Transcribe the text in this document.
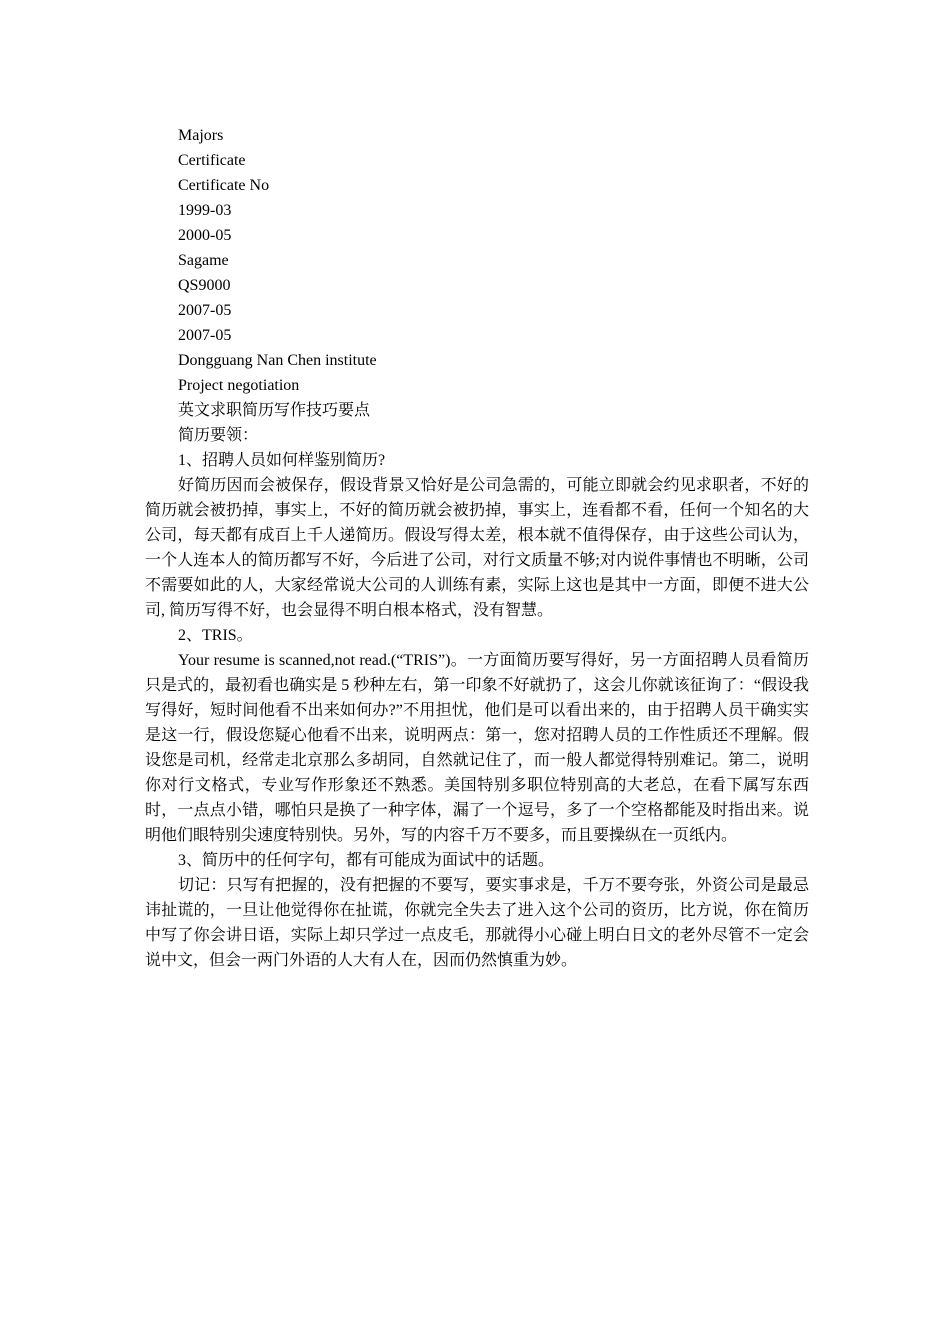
Majors

Certificate

Certificate No

1999-03

2000-05

Sagame

QS9000

2007-05

2007-05

Dongguang Nan Chen institute

Project negotiation

英文求职简历写作技巧要点

简历要领：

1、招聘人员如何样鉴别简历?

好简历因而会被保存，假设背景又恰好是公司急需的，可能立即就会约见求职者，不好的简历就会被扔掉，事实上，不好的简历就会被扔掉，事实上，连看都不看，任何一个知名的大公司，每天都有成百上千人递简历。假设写得太差，根本就不值得保存，由于这些公司认为，一个人连本人的简历都写不好，今后进了公司，对行文质量不够;对内说件事情也不明晰，公司不需要如此的人，大家经常说大公司的人训练有素，实际上这也是其中一方面，即便不进大公司, 简历写得不好，也会显得不明白根本格式，没有智慧。

2、TRIS。

Your resume is scanned,not read.(“TRIS”)。一方面简历要写得好，另一方面招聘人员看简历只是式的，最初看也确实是 5 秒种左右，第一印象不好就扔了，这会儿你就该征询了：“假设我写得好，短时间他看不出来如何办?”不用担忧，他们是可以看出来的，由于招聘人员干确实实是这一行，假设您疑心他看不出来，说明两点：第一，您对招聘人员的工作性质还不理解。假设您是司机，经常走北京那么多胡同，自然就记住了，而一般人都觉得特别难记。第二，说明你对行文格式，专业写作形象还不熟悉。美国特别多职位特别高的大老总，在看下属写东西时，一点点小错，哪怕只是换了一种字体，漏了一个逗号，多了一个空格都能及时指出来。说明他们眼特别尖速度特别快。另外，写的内容千万不要多，而且要操纵在一页纸内。

3、简历中的任何字句，都有可能成为面试中的话题。

切记：只写有把握的，没有把握的不要写，要实事求是，千万不要夸张，外资公司是最忌讳扯谎的，一旦让他觉得你在扯谎，你就完全失去了进入这个公司的资历，比方说，你在简历中写了你会讲日语，实际上却只学过一点皮毛，那就得小心碰上明白日文的老外尽管不一定会说中文，但会一两门外语的人大有人在，因而仍然慎重为妙。
